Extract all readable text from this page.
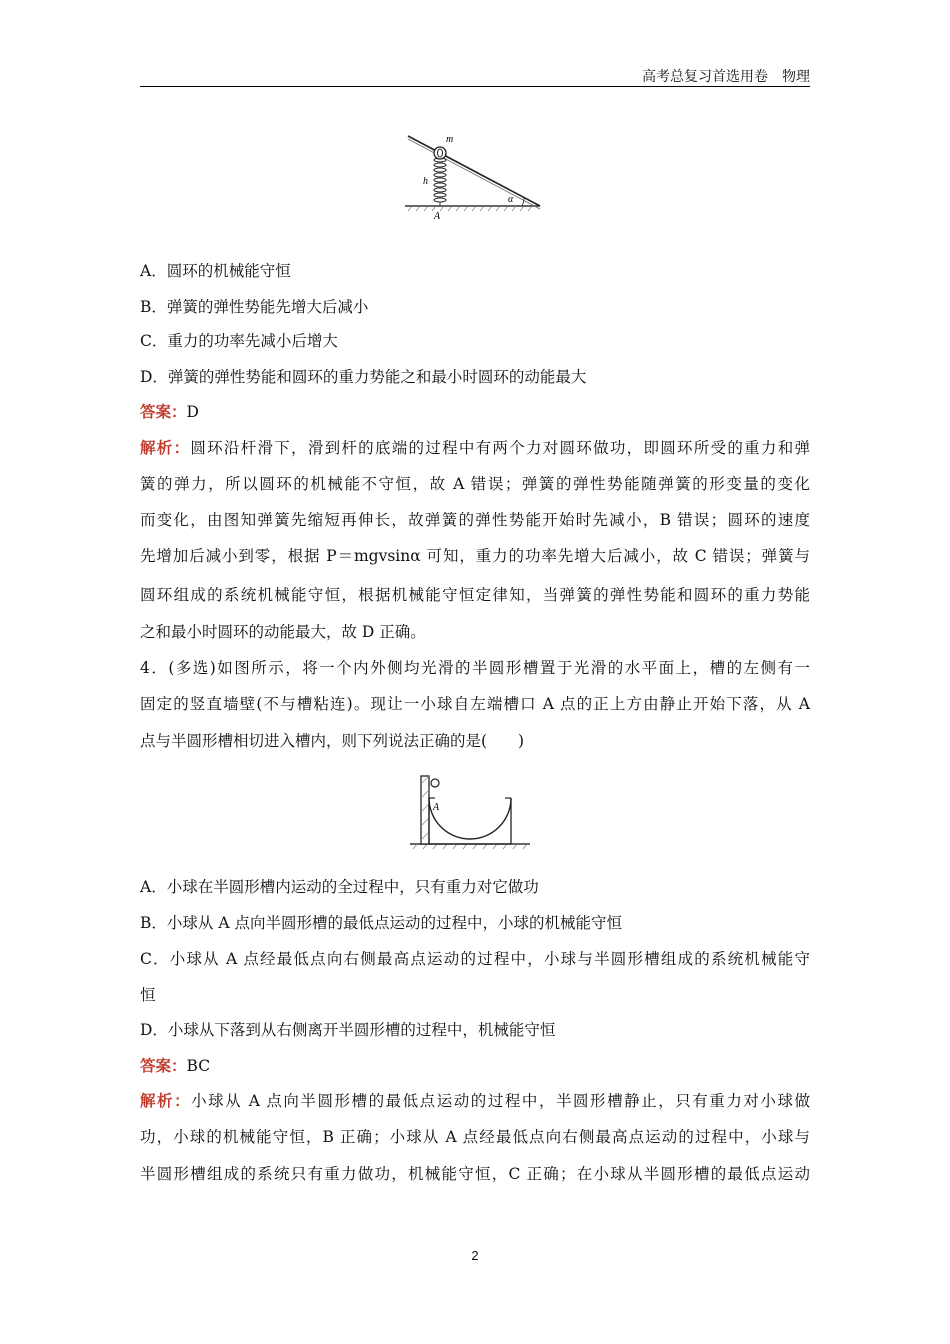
高考总复习首选用卷　物理
m
h
α
A
A．圆环的机械能守恒
B．弹簧的弹性势能先增大后减小
C．重力的功率先减小后增大
D．弹簧的弹性势能和圆环的重力势能之和最小时圆环的动能最大
答案：D
解析：圆环沿杆滑下，滑到杆的底端的过程中有两个力对圆环做功，即圆环所受的重力和弹
簧的弹力，所以圆环的机械能不守恒，故 A 错误；弹簧的弹性势能随弹簧的形变量的变化
而变化，由图知弹簧先缩短再伸长，故弹簧的弹性势能开始时先减小，B 错误；圆环的速度
先增加后减小到零，根据 P＝mgvsinα 可知，重力的功率先增大后减小，故 C 错误；弹簧与
圆环组成的系统机械能守恒，根据机械能守恒定律知，当弹簧的弹性势能和圆环的重力势能
之和最小时圆环的动能最大，故 D 正确。
4．(多选)如图所示，将一个内外侧均光滑的半圆形槽置于光滑的水平面上，槽的左侧有一
固定的竖直墙壁(不与槽粘连)。现让一小球自左端槽口 A 点的正上方由静止开始下落，从 A
点与半圆形槽相切进入槽内，则下列说法正确的是(　　)
A
A．小球在半圆形槽内运动的全过程中，只有重力对它做功
B．小球从 A 点向半圆形槽的最低点运动的过程中，小球的机械能守恒
C．小球从 A 点经最低点向右侧最高点运动的过程中，小球与半圆形槽组成的系统机械能守
恒
D．小球从下落到从右侧离开半圆形槽的过程中，机械能守恒
答案：BC
解析：小球从 A 点向半圆形槽的最低点运动的过程中，半圆形槽静止，只有重力对小球做
功，小球的机械能守恒，B 正确；小球从 A 点经最低点向右侧最高点运动的过程中，小球与
半圆形槽组成的系统只有重力做功，机械能守恒，C 正确；在小球从半圆形槽的最低点运动
2
